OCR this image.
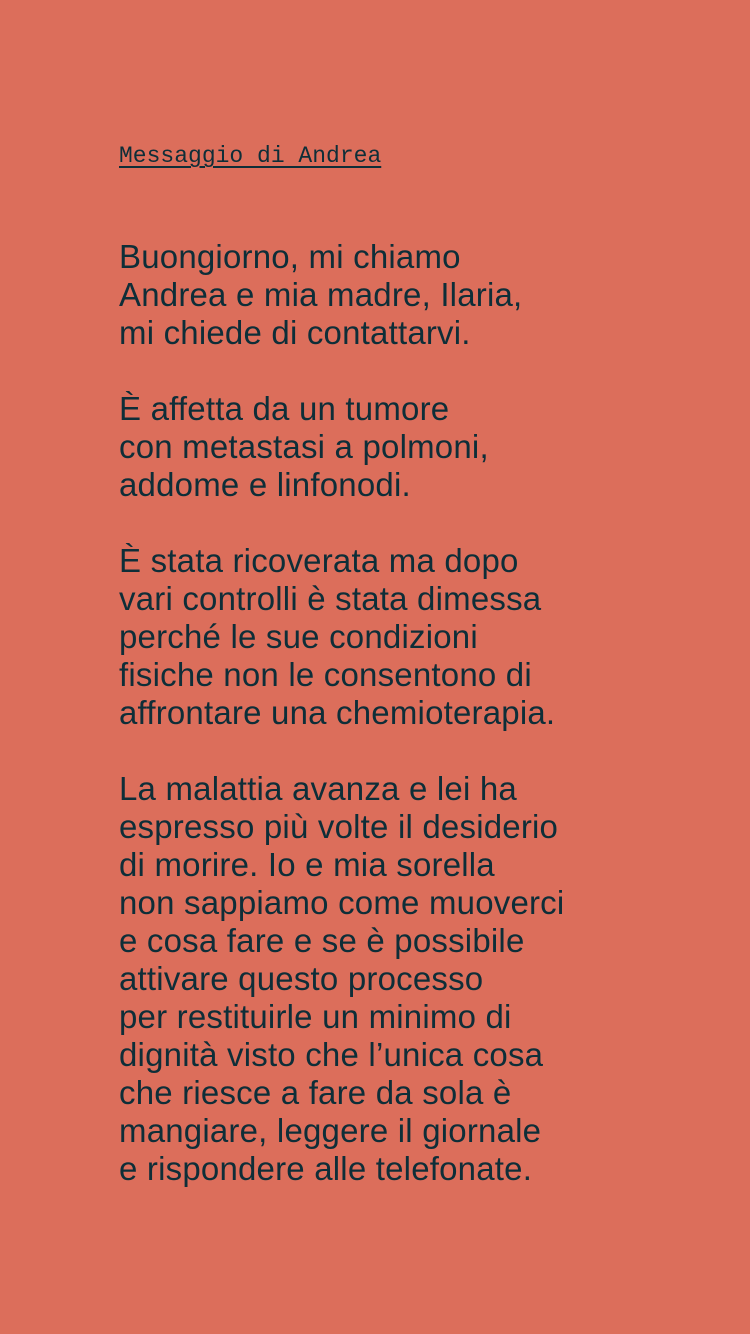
Messaggio di Andrea

Buongiorno, mi chiamo
Andrea e mia madre, Ilaria,
mi chiede di contattarvi.

È affetta da un tumore
con metastasi a polmoni,
addome e linfonodi.

È stata ricoverata ma dopo
vari controlli è stata dimessa
perché le sue condizioni
fisiche non le consentono di
affrontare una chemioterapia.

La malattia avanza e lei ha
espresso più volte il desiderio
di morire. Io e mia sorella
non sappiamo come muoverci
e cosa fare e se è possibile
attivare questo processo
per restituirle un minimo di
dignità visto che l’unica cosa
che riesce a fare da sola è
mangiare, leggere il giornale
e rispondere alle telefonate.
